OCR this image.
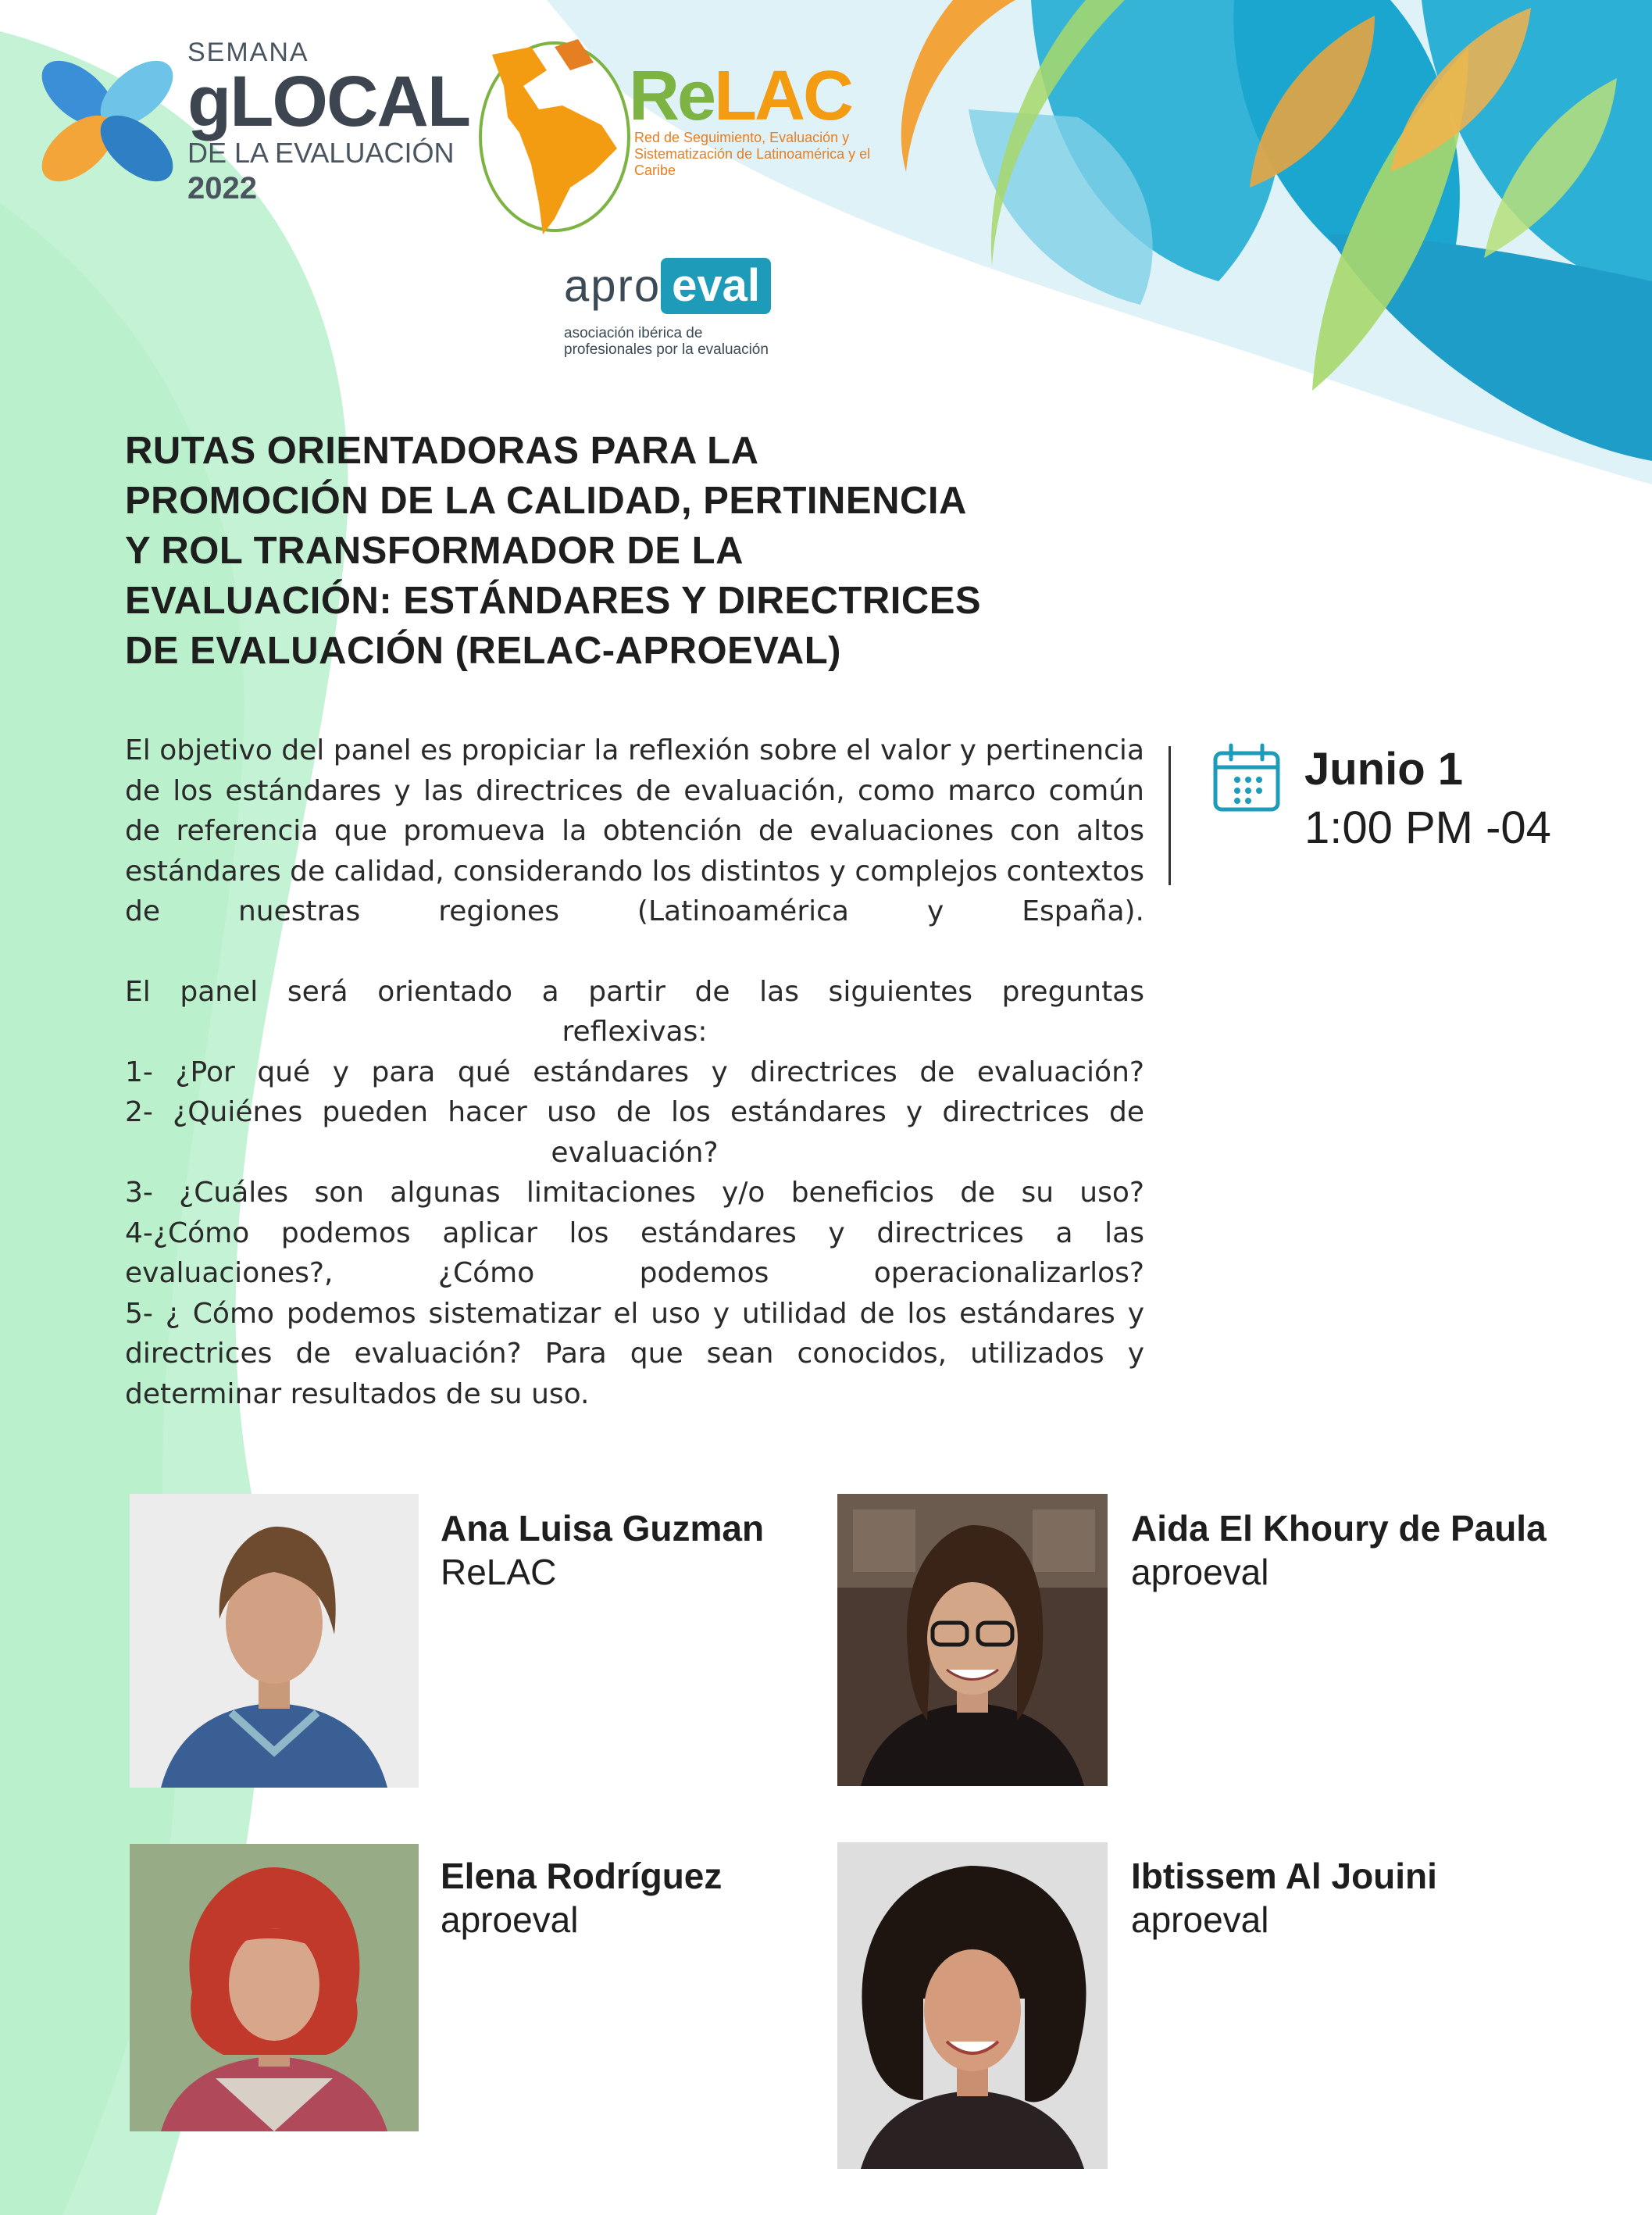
SEMANA
gLOCAL
DE LA EVALUACIÓN
2022
ReLAC
Red de Seguimiento, Evaluación y Sistematización de Latinoamérica y el Caribe
apro eval
asociación ibérica de
profesionales por la evaluación
RUTAS ORIENTADORAS PARA LA
PROMOCIÓN DE LA CALIDAD, PERTINENCIA
Y ROL TRANSFORMADOR DE LA
EVALUACIÓN: ESTÁNDARES Y DIRECTRICES
DE EVALUACIÓN (RELAC-APROEVAL)

El objetivo del panel es propiciar la reflexión sobre el valor y pertinencia de los estándares y las directrices de evaluación, como marco común de referencia que promueva la obtención de evaluaciones con altos estándares de calidad, considerando los distintos y complejos contextos de nuestras regiones (Latinoamérica y España).

El panel será orientado a partir de las siguientes preguntas

reflexivas:

1- ¿Por qué y para qué estándares y directrices de evaluación?

2- ¿Quiénes pueden hacer uso de los estándares y directrices de

evaluación?

3- ¿Cuáles son algunas limitaciones y/o beneficios de su uso?

4-¿Cómo podemos aplicar los estándares y directrices a las evaluaciones?, ¿Cómo podemos operacionalizarlos?

5- ¿ Cómo podemos sistematizar el uso y utilidad de los estándares y directrices de evaluación? Para que sean conocidos, utilizados y determinar resultados de su uso.

Junio 1
1:00 PM -04
Ana Luisa Guzman
ReLAC
Aida El Khoury de Paula
aproeval
Elena Rodríguez
aproeval
Ibtissem Al Jouini
aproeval
